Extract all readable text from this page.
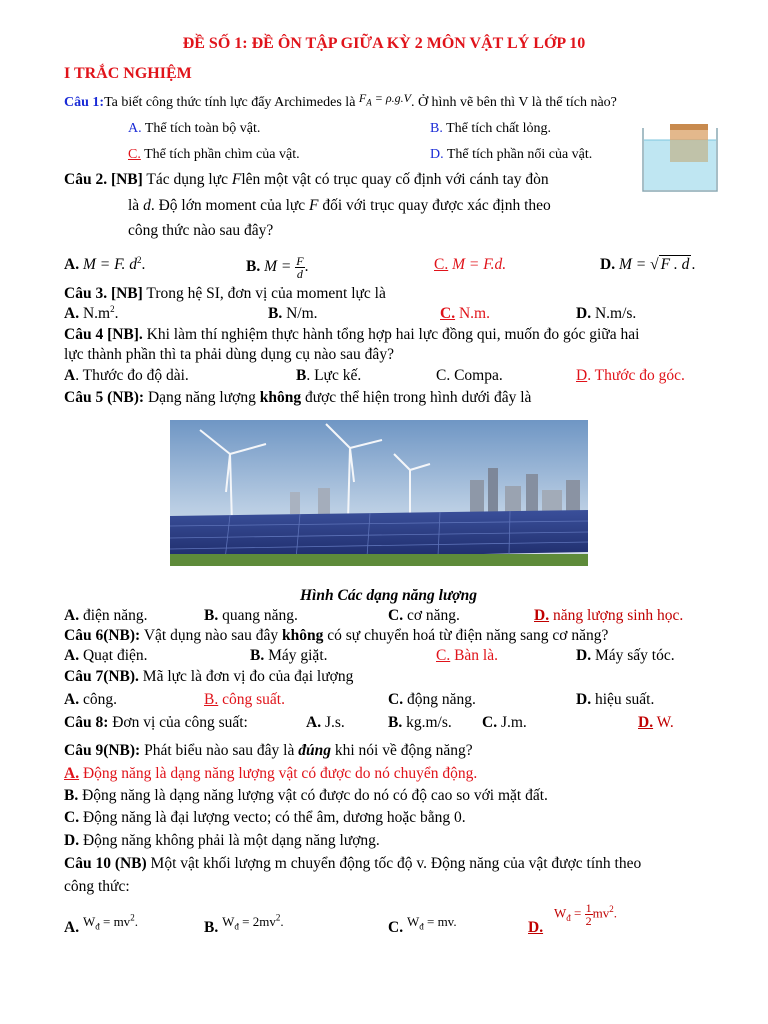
ĐỀ SỐ 1: ĐỀ ÔN TẬP GIỮA KỲ 2 MÔN VẬT LÝ LỚP 10
I TRẮC NGHIỆM
Câu 1:Ta biết công thức tính lực đẩy Archimedes là $F_A = \rho.g.V$. Ở hình vẽ bên thì V là thể tích nào?
A. Thể tích toàn bộ vật.	B. Thể tích chất lỏng.
C. Thể tích phần chìm của vật.	D. Thể tích phần nổi của vật.
Câu 2. [NB] Tác dụng lực Flên một vật có trục quay cố định với cánh tay đòn
là d. Độ lớn moment của lực F đối với trục quay được xác định theo
công thức nào sau đây?
A. M = F. $d^2$.	B. $M = \frac{F}{d}$ .	C. M = F.d.	D. M = √ F . d .
Câu 3. [NB] Trong hệ SI, đơn vị của moment lực là
A. $N.m^2$.	B. N/m.	C. N.m.	D. N.m/s.
Câu 4 [NB]. Khi làm thí nghiệm thực hành tổng hợp hai lực đồng qui, muốn đo góc giữa hai
lực thành phần thì ta phải dùng dụng cụ nào sau đây?
A. Thước đo độ dài.	B. Lực kế.	C. Compa.	D. Thước đo góc.
Câu 5 (NB): Dạng năng lượng không được thể hiện trong hình dưới đây là
Hình Các dạng năng lượng
A. điện năng.	B. quang năng.	C. cơ năng.	D. năng lượng sinh học.
Câu 6(NB): Vật dụng nào sau đây không có sự chuyển hoá từ điện năng sang cơ năng?
A. Quạt điện.	B. Máy giặt.	C. Bàn là.	D. Máy sấy tóc.
Câu 7(NB). Mã lực là đơn vị đo của đại lượng
A. công.	B. công suất.	C. động năng.	D. hiệu suất.
Câu 8: Đơn vị của công suất:	A. J.s.	B. kg.m/s. C. J.m.	D. W.
Câu 9(NB): Phát biểu nào sau đây là đúng khi nói về động năng?
A. Động năng là dạng năng lượng vật có được do nó chuyển động.
B. Động năng là dạng năng lượng vật có được do nó có độ cao so với mặt đất.
C. Động năng là đại lượng vecto; có thể âm, dương hoặc bằng 0.
D. Động năng không phải là một dạng năng lượng.
Câu 10 (NB) Một vật khối lượng m chuyển động tốc độ v. Động năng của vật được tính theo
công thức:
A. $^{W_đ = mv^2.}$	B. $^{W_đ = 2mv^2.}$	C. $^{W_đ = mv.}$	D.
$W_đ = \frac{1}{2} mv^2$.
